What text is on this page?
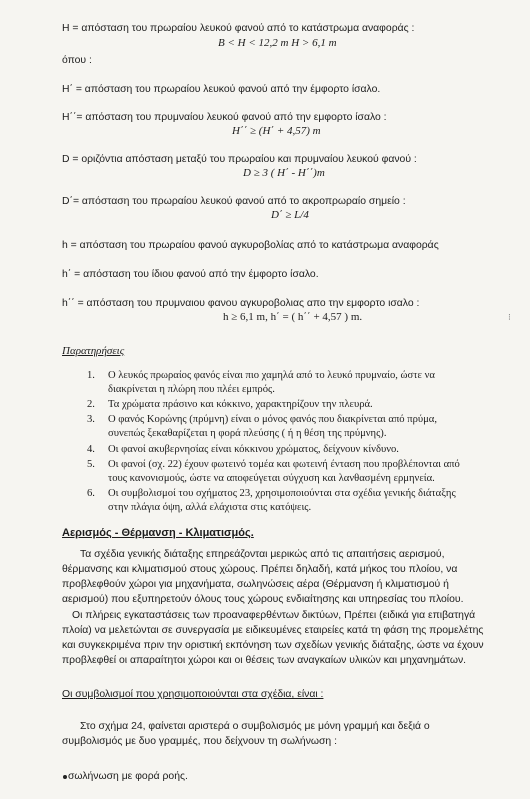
H = απόσταση του πρωραίου λευκού φανού από το κατάστρωμα αναφοράς :
B < H < 12,2 m H > 6,1 m
όπου :
H΄ = απόσταση του πρωραίου λευκού φανού από την έμφορτο ίσαλο.
H΄΄= απόσταση του πρυμναίου λευκού φανού από την εμφορτο ίσαλο :
H΄΄ ≥ (H΄ + 4,57) m
D = οριζόντια απόσταση μεταξύ του πρωραίου και πρυμναίου λευκού φανού :
D ≥ 3 ( H΄ - H΄΄)m
D΄= απόσταση του πρωραίου λευκού φανού από το ακροπρωραίο σημείο :
D΄ ≥ L/4
h = απόσταση του πρωραίου φανού αγκυροβολίας από το κατάστρωμα αναφοράς
h΄ = απόσταση του ίδιου φανού από την έμφορτο ίσαλο.
h΄΄ = απόσταση του πρυμναιου φανου αγκυροβολιας απο την εμφορτο ισαλο :
h ≥ 6,1 m, h΄ = ( h΄΄ + 4,57 ) m.	⁝
Παρατηρήσεις
1. Ο λευκός πρωραίος φανός είναι πιο χαμηλά από το λευκό πρυμναίο, ώστε να
διακρίνεται η πλώρη που πλέει εμπρός.
2. Τα χρώματα πράσινο και κόκκινο, χαρακτηρίζουν την πλευρά.
3. Ο φανός Κορώνης (πρύμνη) είναι ο μόνος φανός που διακρίνεται από πρύμα,
συνεπώς ξεκαθαρίζεται η φορά πλεύσης ( ή η θέση της πρύμνης).
4. Οι φανοί ακυβερνησίας είναι κόκκινου χρώματος, δείχνουν κίνδυνο.
5. Οι φανοί (σχ. 22) έχουν φωτεινό τομέα και φωτεινή ένταση που προβλέπονται από
τους κανονισμούς, ώστε να αποφεύγεται σύγχυση και λανθασμένη ερμηνεία.
6. Οι συμβολισμοί του σχήματος 23, χρησιμοποιούνται στα σχέδια γενικής διάταξης
στην πλάγια όψη, αλλά ελάχιστα στις κατόψεις.
Αερισμός - Θέρμανση - Κλιματισμός.
Τα σχέδια γενικής διάταξης επηρεάζονται μερικώς από τις απαιτήσεις αερισμού,
θέρμανσης και κλιματισμού στους χώρους. Πρέπει δηλαδή, κατά μήκος του πλοίου, να
προβλεφθούν χώροι για μηχανήματα, σωληνώσεις αέρα (Θέρμανση ή κλιματισμού ή
αερισμού) που εξυπηρετούν όλους τους χώρους ενδιαίτησης και υπηρεσίας του πλοίου.
Οι πλήρεις εγκαταστάσεις των προαναφερθέντων δικτύων, Πρέπει (ειδικά για επιβατηγά
πλοία) να μελετώνται σε συνεργασία με ειδικευμένες εταιρείες κατά τη φάση της προμελέτης
και συγκεκριμένα πριν την οριστική εκπόνηση των σχεδίων γενικής διάταξης, ώστε να έχουν
προβλεφθεί οι απαραίτητοι χώροι και οι θέσεις των αναγκαίων υλικών και μηχανημάτων.
Οι συμβολισμοί που χρησιμοποιούνται στα σχέδια, είναι :
Στο σχήμα 24, φαίνεται αριστερά ο συμβολισμός με μόνη γραμμή και δεξιά ο
συμβολισμός με δυο γραμμές, που δείχνουν τη σωλήνωση :
σωλήνωση με φορά ροής.
